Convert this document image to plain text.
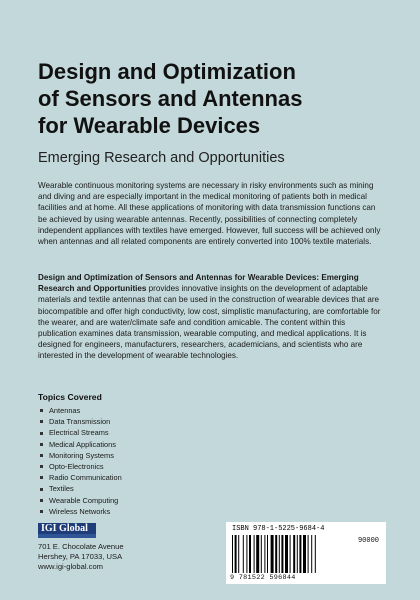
Design and Optimization
of Sensors and Antennas
for Wearable Devices

Emerging Research and Opportunities

Wearable continuous monitoring systems are necessary in risky environments such as mining and diving and are especially important in the medical monitoring of patients both in medical facilities and at home. All these applications of monitoring with data transmission functions can be achieved by using wearable antennas. Recently, possibilities of connecting completely independent appliances with textiles have emerged. However, full success will be achieved only when antennas and all related components are entirely converted into 100% textile materials.

Design and Optimization of Sensors and Antennas for Wearable Devices: Emerging Research and Opportunities provides innovative insights on the development of adaptable materials and textile antennas that can be used in the construction of wearable devices that are biocompatible and offer high conductivity, low cost, simplistic manufacturing, are comfortable for the wearer, and are water/climate safe and condition amicable. The content within this publication examines data transmission, wearable computing, and medical applications. It is designed for engineers, manufacturers, researchers, academicians, and scientists who are interested in the development of wearable technologies.

Topics Covered

Antennas
Data Transmission
Electrical Streams
Medical Applications
Monitoring Systems
Opto-Electronics
Radio Communication
Textiles
Wearable Computing
Wireless Networks
IGI Global
701 E. Chocolate Avenue
Hershey, PA 17033, USA
www.igi-global.com
ISBN 978-1-5225-9684-4
90000
9 781522 596844
